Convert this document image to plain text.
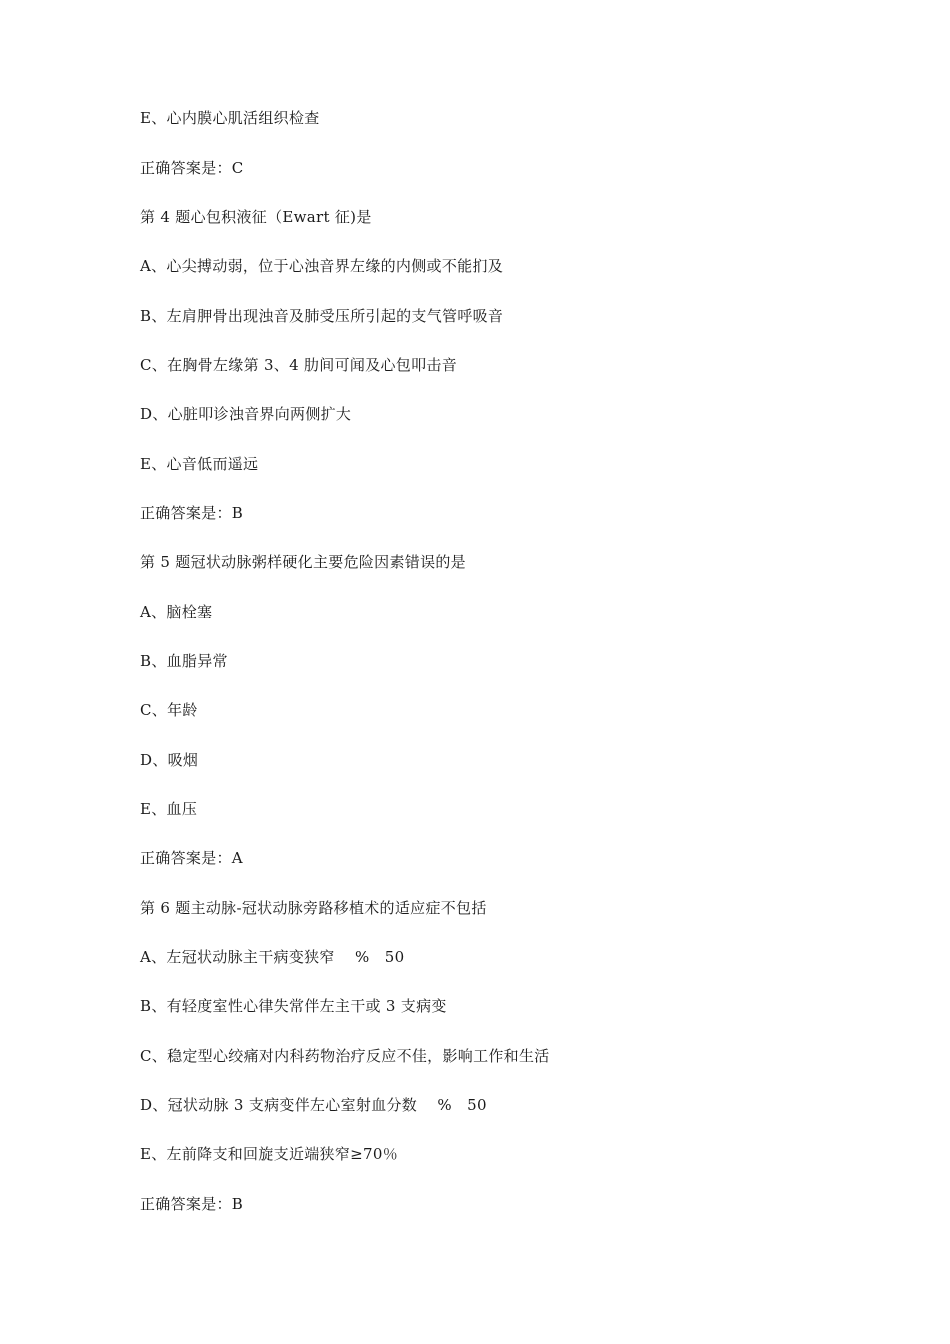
E、心内膜心肌活组织检查
正确答案是：C
第 4 题心包积液征（Ewart 征)是
A、心尖搏动弱，位于心浊音界左缘的内侧或不能扪及
B、左肩胛骨出现浊音及肺受压所引起的支气管呼吸音
C、在胸骨左缘第 3、4 肋间可闻及心包叩击音
D、心脏叩诊浊音界向两侧扩大
E、心音低而遥远
正确答案是：B
第 5 题冠状动脉粥样硬化主要危险因素错误的是
A、脑栓塞
B、血脂异常
C、年龄
D、吸烟
E、血压
正确答案是：A
第 6 题主动脉-冠状动脉旁路移植术的适应症不包括
A、左冠状动脉主干病变狭窄    %   50
B、有轻度室性心律失常伴左主干或 3 支病变
C、稳定型心绞痛对内科药物治疗反应不佳，影响工作和生活
D、冠状动脉 3 支病变伴左心室射血分数    %   50
E、左前降支和回旋支近端狭窄≥70％
正确答案是：B
